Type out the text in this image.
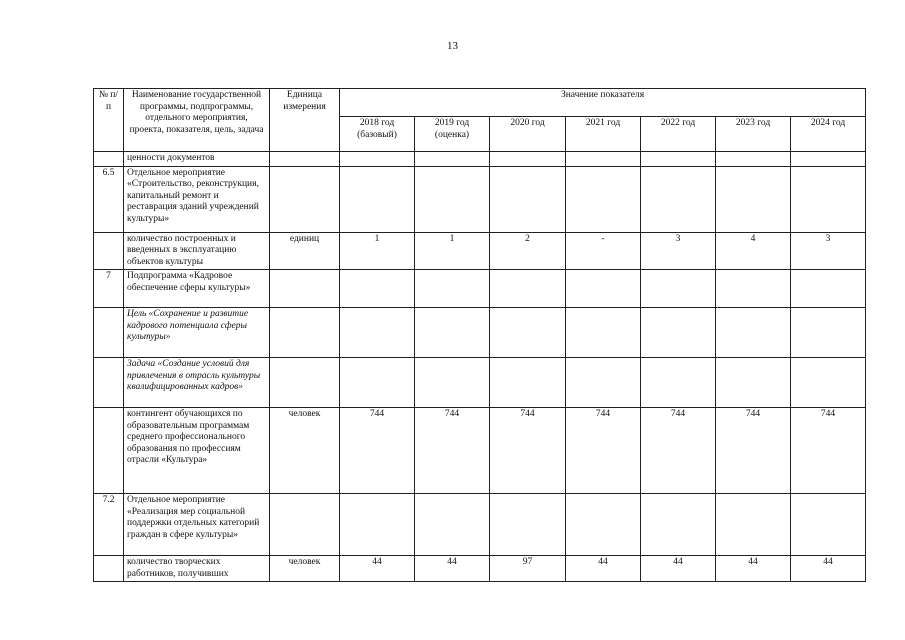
13
№ п/п	Наименование государственной программы, подпрограммы, отдельного мероприятия, проекта, показателя, цель, задача	Единица измерения	Значение показателя						
			2018 год (базовый)	2019 год (оценка)	2020 год	2021 год	2022 год	2023 год	2024 год
	ценности документов								
6.5	Отдельное мероприятие «Строительство, реконструкция, капитальный ремонт и реставрация зданий учреждений культуры»								
	количество построенных и введенных в эксплуатацию объектов культуры	единиц	1	1	2	-	3	4	3
7	Подпрограмма «Кадровое обеспечение сферы культуры»								
	Цель «Сохранение и развитие кадрового потенциала сферы культуры»								
	Задача «Создание условий для привлечения в отрасль культуры квалифицированных кадров»								
	контингент обучающихся по образовательным программам среднего профессионального образования по профессиям отрасли «Культура»	человек	744	744	744	744	744	744	744
7.2	Отдельное мероприятие «Реализация мер социальной поддержки отдельных категорий граждан в сфере культуры»								
	количество творческих работников, получивших	человек	44	44	97	44	44	44	44
